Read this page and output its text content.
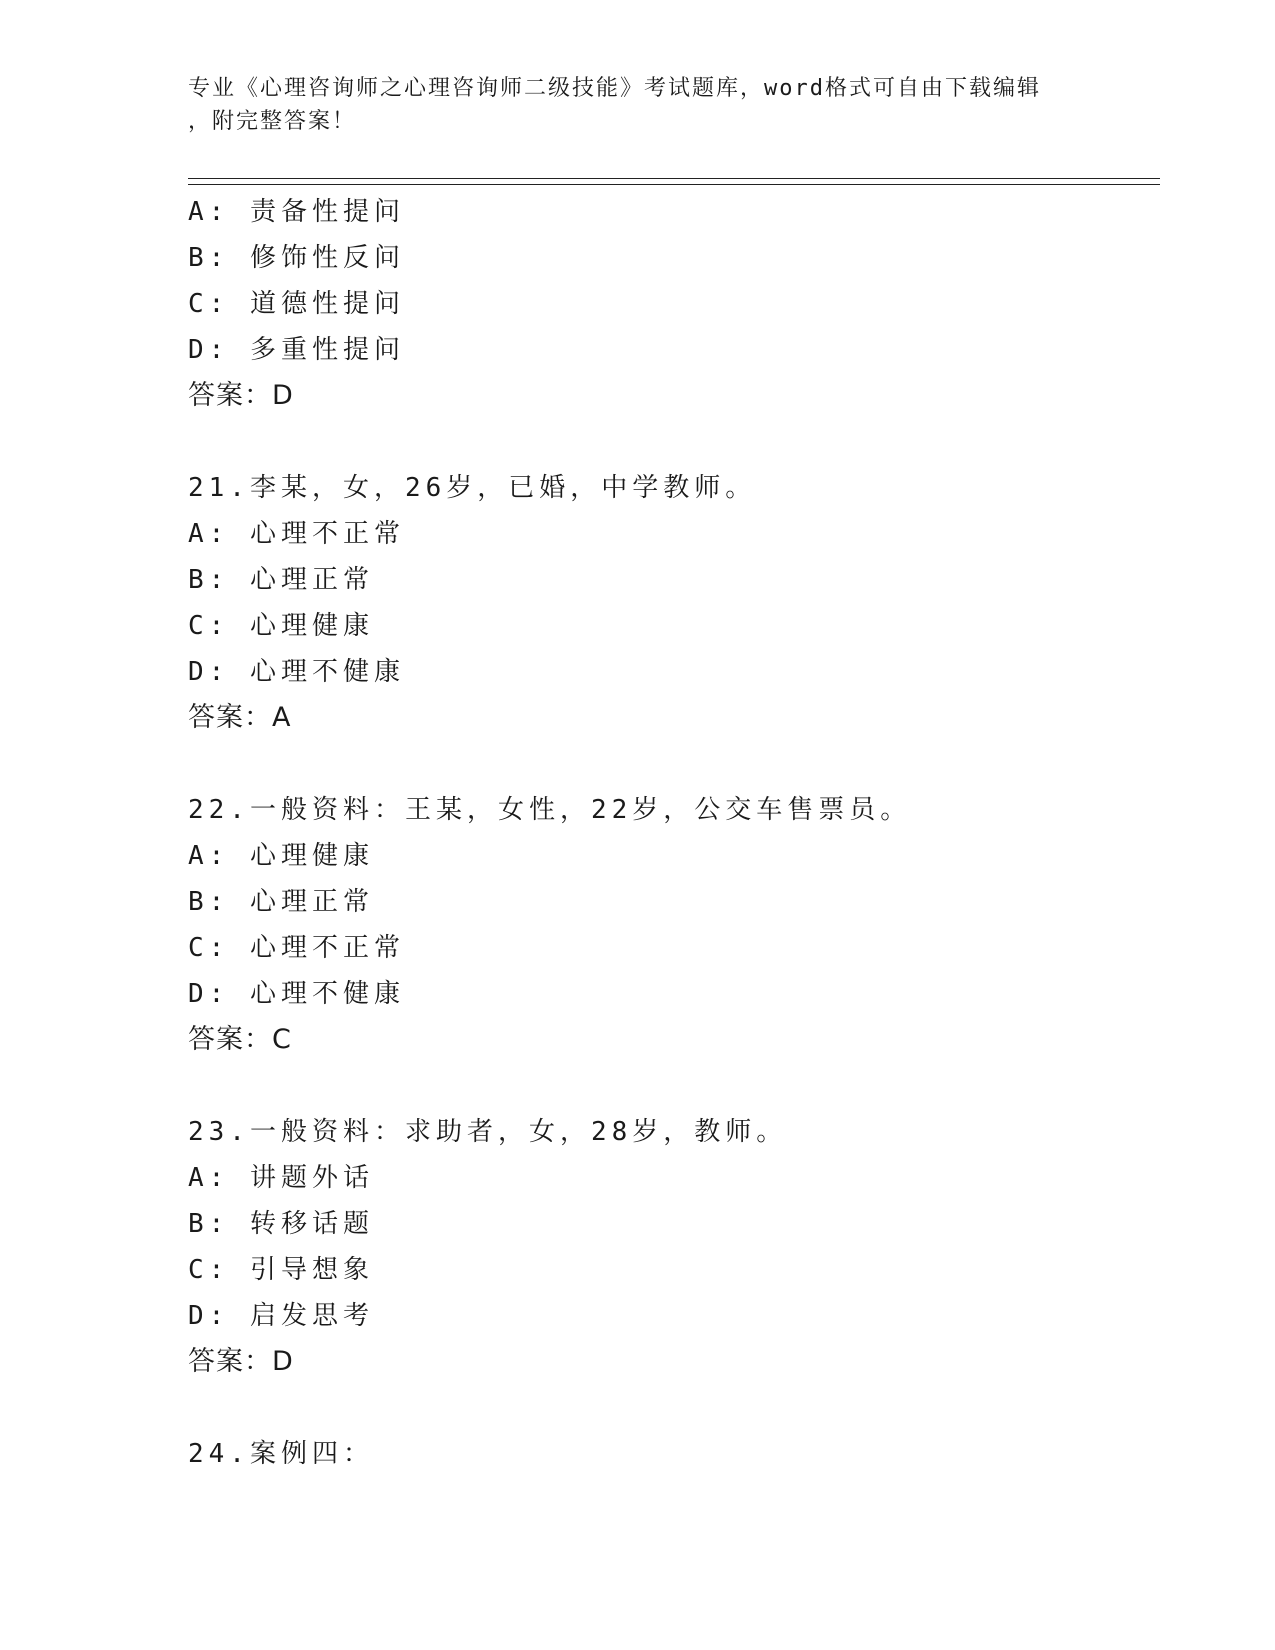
专业《心理咨询师之心理咨询师二级技能》考试题库，word格式可自由下载编辑
，附完整答案！
A: 责备性提问
B: 修饰性反问
C: 道德性提问
D: 多重性提问
答案：D
21.李某，女，26岁，已婚，中学教师。
A: 心理不正常
B: 心理正常
C: 心理健康
D: 心理不健康
答案：A
22.一般资料：王某，女性，22岁，公交车售票员。
A: 心理健康
B: 心理正常
C: 心理不正常
D: 心理不健康
答案：C
23.一般资料：求助者，女，28岁，教师。
A: 讲题外话
B: 转移话题
C: 引导想象
D: 启发思考
答案：D
24.案例四：
